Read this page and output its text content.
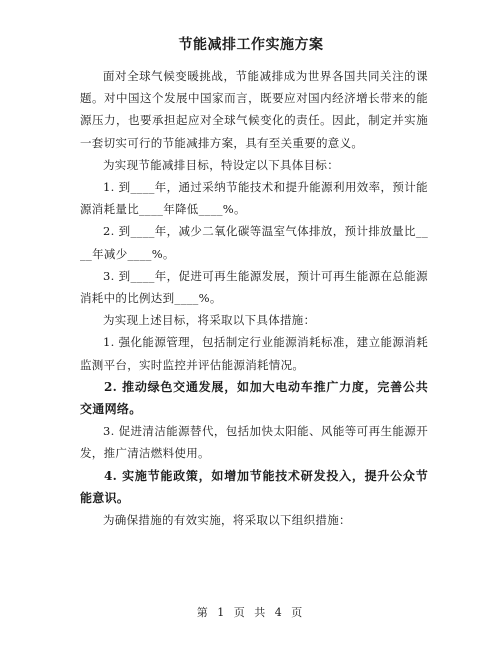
节能减排工作实施方案

面对全球气候变暖挑战，节能减排成为世界各国共同关注的课题。对中国这个发展中国家而言，既要应对国内经济增长带来的能源压力，也要承担起应对全球气候变化的责任。因此，制定并实施一套切实可行的节能减排方案，具有至关重要的意义。

为实现节能减排目标，特设定以下具体目标：

1. 到____年，通过采纳节能技术和提升能源利用效率，预计能源消耗量比____年降低____%。

2. 到____年，减少二氧化碳等温室气体排放，预计排放量比____年减少____%。

3. 到____年，促进可再生能源发展，预计可再生能源在总能源消耗中的比例达到____%。

为实现上述目标，将采取以下具体措施：

1. 强化能源管理，包括制定行业能源消耗标准，建立能源消耗监测平台，实时监控并评估能源消耗情况。

2. 推动绿色交通发展，如加大电动车推广力度，完善公共交通网络。

3. 促进清洁能源替代，包括加快太阳能、风能等可再生能源开发，推广清洁燃料使用。

4. 实施节能政策，如增加节能技术研发投入，提升公众节能意识。

为确保措施的有效实施，将采取以下组织措施：

第 1 页 共 4 页
